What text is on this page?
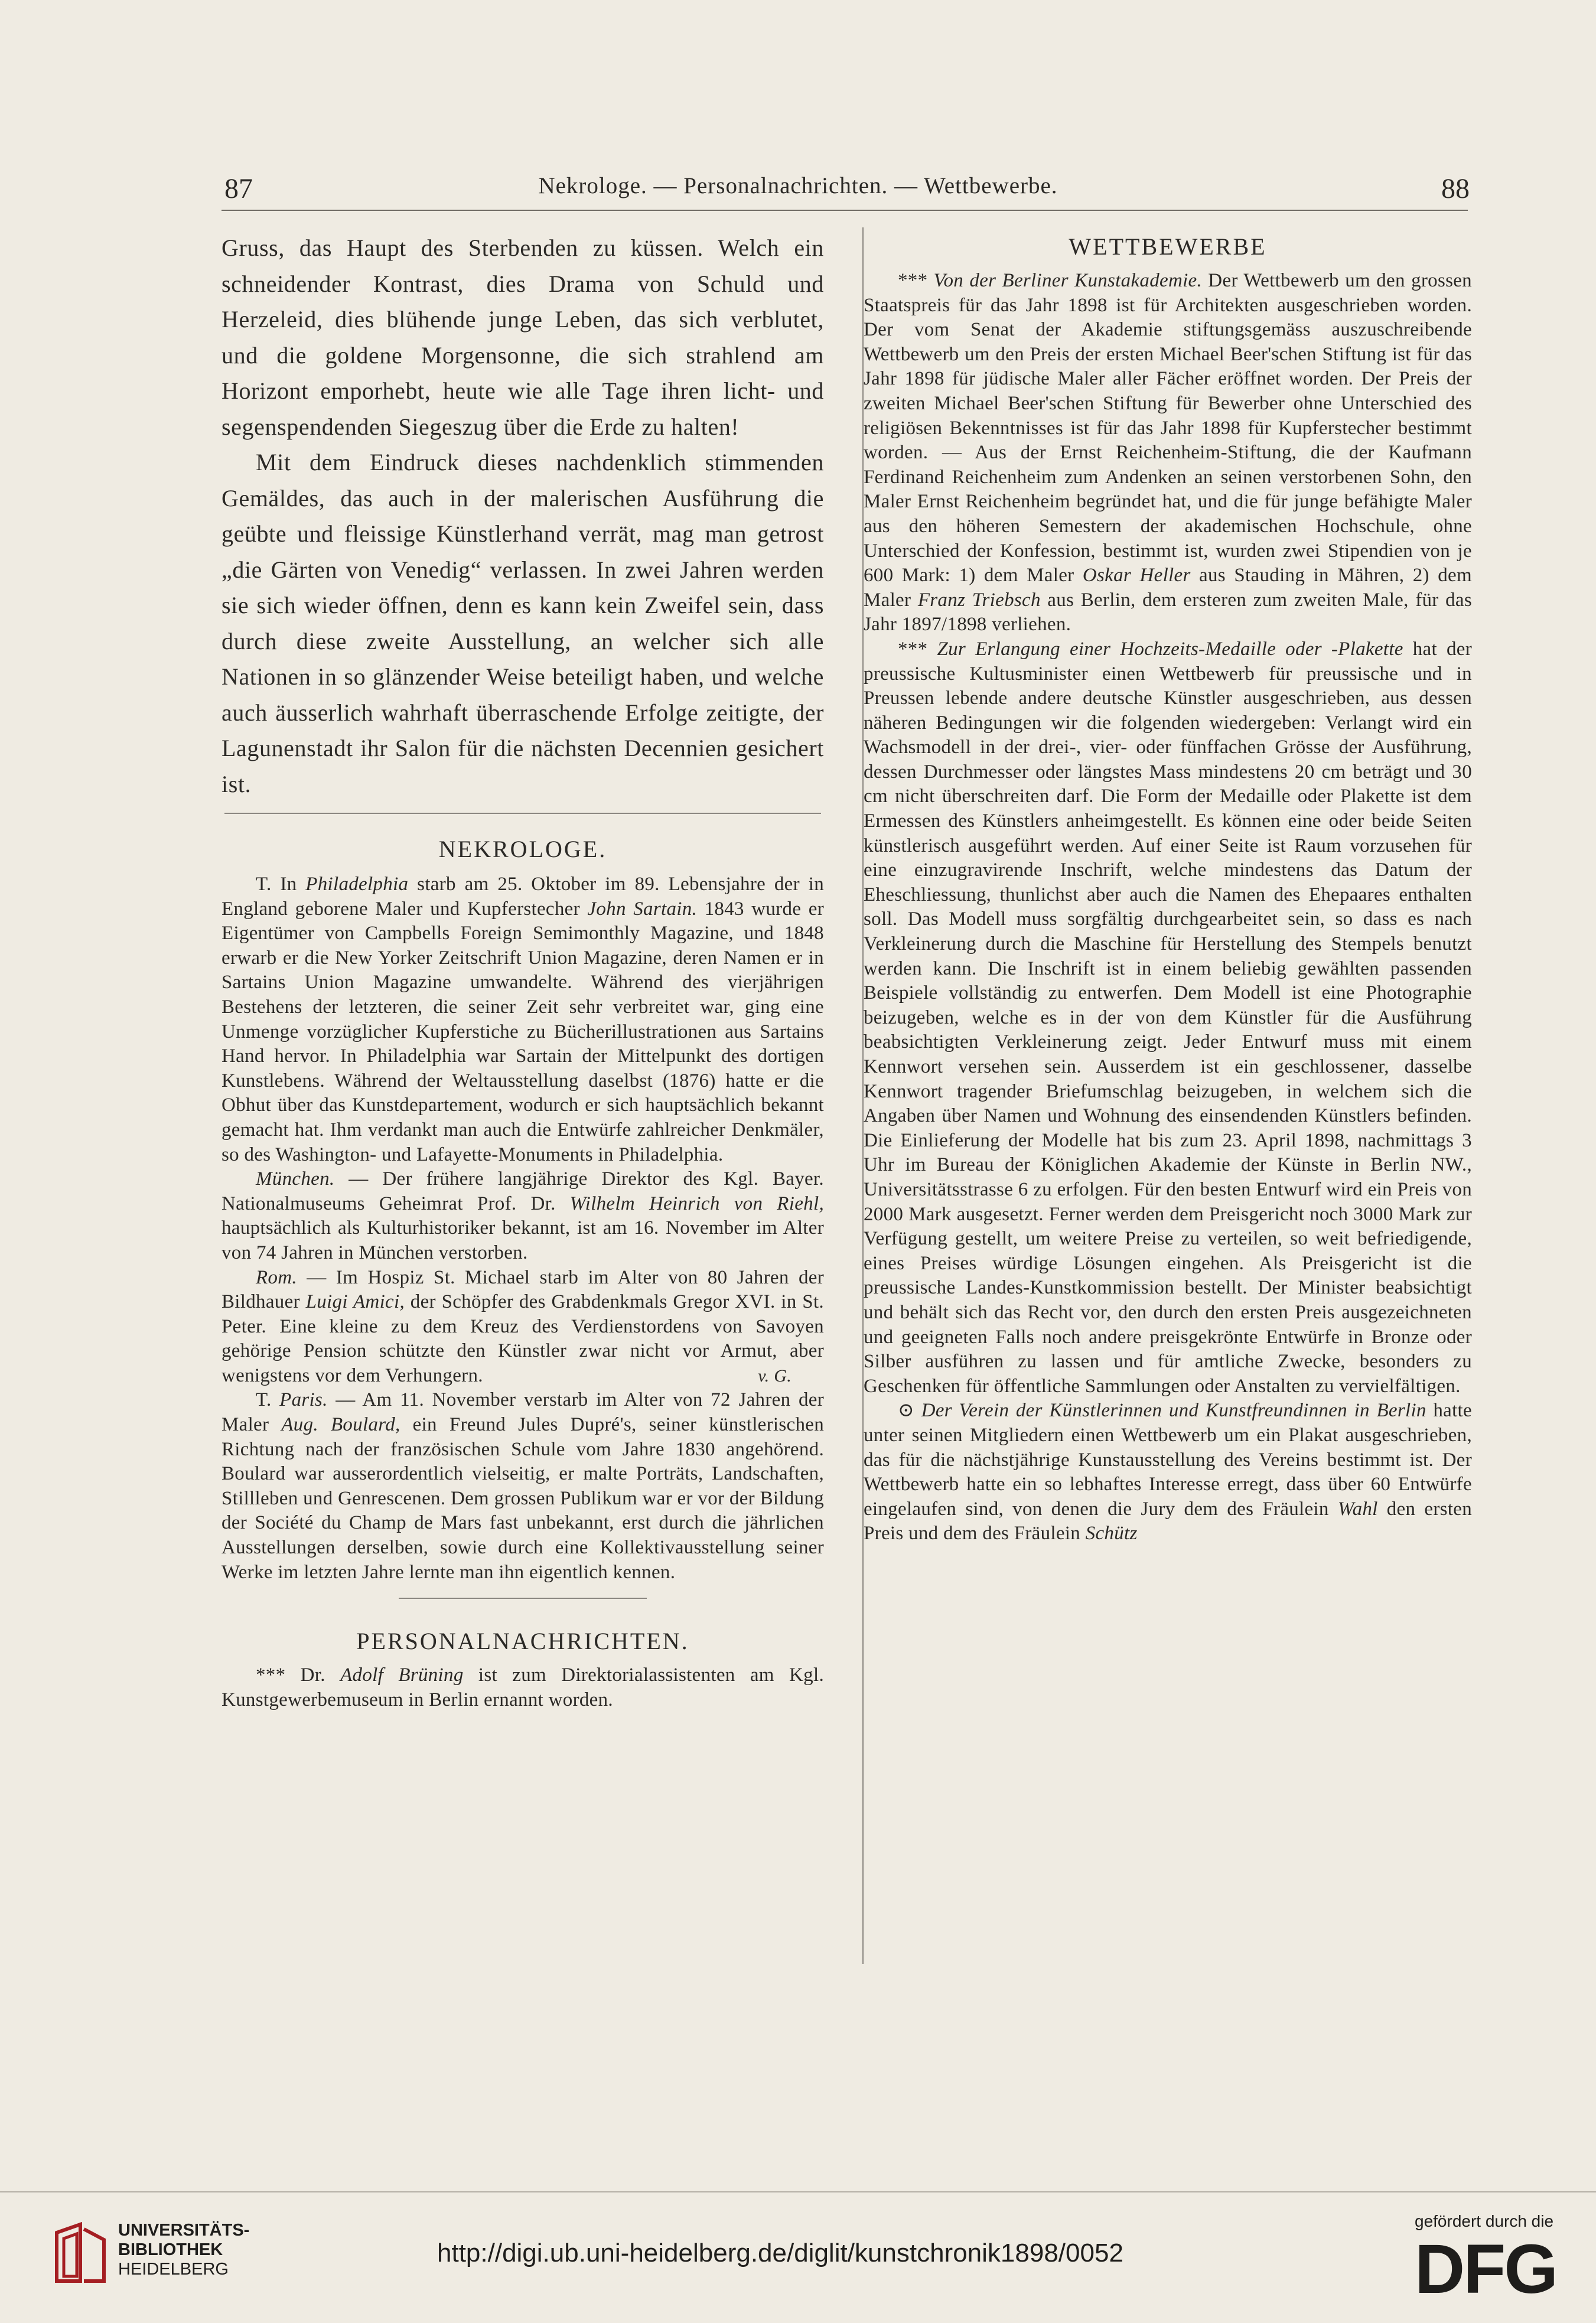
87	Nekrologe. — Personalnachrichten. — Wettbewerbe.	88

Gruss, das Haupt des Sterbenden zu küssen. Welch ein schneidender Kontrast, dies Drama von Schuld und Herzeleid, dies blühende junge Leben, das sich verblutet, und die goldene Morgensonne, die sich strahlend am Horizont emporhebt, heute wie alle Tage ihren licht- und segenspendenden Siegeszug über die Erde zu halten!

Mit dem Eindruck dieses nachdenklich stimmenden Gemäldes, das auch in der malerischen Ausführung die geübte und fleissige Künstlerhand verrät, mag man getrost „die Gärten von Venedig“ verlassen. In zwei Jahren werden sie sich wieder öffnen, denn es kann kein Zweifel sein, dass durch diese zweite Ausstellung, an welcher sich alle Nationen in so glänzender Weise beteiligt haben, und welche auch äusserlich wahrhaft überraschende Erfolge zeitigte, der Lagunenstadt ihr Salon für die nächsten Decennien gesichert ist.

NEKROLOGE.

T. In Philadelphia starb am 25. Oktober im 89. Lebensjahre der in England geborene Maler und Kupferstecher John Sartain. 1843 wurde er Eigentümer von Campbells Foreign Semimonthly Magazine, und 1848 erwarb er die New Yorker Zeitschrift Union Magazine, deren Namen er in Sartains Union Magazine umwandelte. Während des vierjährigen Bestehens der letzteren, die seiner Zeit sehr verbreitet war, ging eine Unmenge vorzüglicher Kupferstiche zu Bücherillustrationen aus Sartains Hand hervor. In Philadelphia war Sartain der Mittelpunkt des dortigen Kunstlebens. Während der Weltausstellung daselbst (1876) hatte er die Obhut über das Kunstdepartement, wodurch er sich hauptsächlich bekannt gemacht hat. Ihm verdankt man auch die Entwürfe zahlreicher Denkmäler, so des Washington- und Lafayette-Monuments in Philadelphia.

München. — Der frühere langjährige Direktor des Kgl. Bayer. Nationalmuseums Geheimrat Prof. Dr. Wilhelm Heinrich von Riehl, hauptsächlich als Kulturhistoriker bekannt, ist am 16. November im Alter von 74 Jahren in München verstorben.

Rom. — Im Hospiz St. Michael starb im Alter von 80 Jahren der Bildhauer Luigi Amici, der Schöpfer des Grabdenkmals Gregor XVI. in St. Peter. Eine kleine zu dem Kreuz des Verdienstordens von Savoyen gehörige Pension schützte den Künstler zwar nicht vor Armut, aber wenigstens vor dem Verhungern.	v. G.

T. Paris. — Am 11. November verstarb im Alter von 72 Jahren der Maler Aug. Boulard, ein Freund Jules Dupré's, seiner künstlerischen Richtung nach der französischen Schule vom Jahre 1830 angehörend. Boulard war ausserordentlich vielseitig, er malte Porträts, Landschaften, Stillleben und Genrescenen. Dem grossen Publikum war er vor der Bildung der Société du Champ de Mars fast unbekannt, erst durch die jährlichen Ausstellungen derselben, sowie durch eine Kollektivausstellung seiner Werke im letzten Jahre lernte man ihn eigentlich kennen.

PERSONALNACHRICHTEN.

*** Dr. Adolf Brüning ist zum Direktorialassistenten am Kgl. Kunstgewerbemuseum in Berlin ernannt worden.

WETTBEWERBE

*** Von der Berliner Kunstakademie. Der Wettbewerb um den grossen Staatspreis für das Jahr 1898 ist für Architekten ausgeschrieben worden. Der vom Senat der Akademie stiftungsgemäss auszuschreibende Wettbewerb um den Preis der ersten Michael Beer'schen Stiftung ist für das Jahr 1898 für jüdische Maler aller Fächer eröffnet worden. Der Preis der zweiten Michael Beer'schen Stiftung für Bewerber ohne Unterschied des religiösen Bekenntnisses ist für das Jahr 1898 für Kupferstecher bestimmt worden. — Aus der Ernst Reichenheim-Stiftung, die der Kaufmann Ferdinand Reichenheim zum Andenken an seinen verstorbenen Sohn, den Maler Ernst Reichenheim begründet hat, und die für junge befähigte Maler aus den höheren Semestern der akademischen Hochschule, ohne Unterschied der Konfession, bestimmt ist, wurden zwei Stipendien von je 600 Mark: 1) dem Maler Oskar Heller aus Stauding in Mähren, 2) dem Maler Franz Triebsch aus Berlin, dem ersteren zum zweiten Male, für das Jahr 1897/1898 verliehen.

*** Zur Erlangung einer Hochzeits-Medaille oder -Plakette hat der preussische Kultusminister einen Wettbewerb für preussische und in Preussen lebende andere deutsche Künstler ausgeschrieben, aus dessen näheren Bedingungen wir die folgenden wiedergeben: Verlangt wird ein Wachsmodell in der drei-, vier- oder fünffachen Grösse der Ausführung, dessen Durchmesser oder längstes Mass mindestens 20 cm beträgt und 30 cm nicht überschreiten darf. Die Form der Medaille oder Plakette ist dem Ermessen des Künstlers anheimgestellt. Es können eine oder beide Seiten künstlerisch ausgeführt werden. Auf einer Seite ist Raum vorzusehen für eine einzugravirende Inschrift, welche mindestens das Datum der Eheschliessung, thunlichst aber auch die Namen des Ehepaares enthalten soll. Das Modell muss sorgfältig durchgearbeitet sein, so dass es nach Verkleinerung durch die Maschine für Herstellung des Stempels benutzt werden kann. Die Inschrift ist in einem beliebig gewählten passenden Beispiele vollständig zu entwerfen. Dem Modell ist eine Photographie beizugeben, welche es in der von dem Künstler für die Ausführung beabsichtigten Verkleinerung zeigt. Jeder Entwurf muss mit einem Kennwort versehen sein. Ausserdem ist ein geschlossener, dasselbe Kennwort tragender Briefumschlag beizugeben, in welchem sich die Angaben über Namen und Wohnung des einsendenden Künstlers befinden. Die Einlieferung der Modelle hat bis zum 23. April 1898, nachmittags 3 Uhr im Bureau der Königlichen Akademie der Künste in Berlin NW., Universitätsstrasse 6 zu erfolgen. Für den besten Entwurf wird ein Preis von 2000 Mark ausgesetzt. Ferner werden dem Preisgericht noch 3000 Mark zur Verfügung gestellt, um weitere Preise zu verteilen, so weit befriedigende, eines Preises würdige Lösungen eingehen. Als Preisgericht ist die preussische Landes-Kunstkommission bestellt. Der Minister beabsichtigt und behält sich das Recht vor, den durch den ersten Preis ausgezeichneten und geeigneten Falls noch andere preisgekrönte Entwürfe in Bronze oder Silber ausführen zu lassen und für amtliche Zwecke, besonders zu Geschenken für öffentliche Sammlungen oder Anstalten zu vervielfältigen.

⊙ Der Verein der Künstlerinnen und Kunstfreundinnen in Berlin hatte unter seinen Mitgliedern einen Wettbewerb um ein Plakat ausgeschrieben, das für die nächstjährige Kunstausstellung des Vereins bestimmt ist. Der Wettbewerb hatte ein so lebhaftes Interesse erregt, dass über 60 Entwürfe eingelaufen sind, von denen die Jury dem des Fräulein Wahl den ersten Preis und dem des Fräulein Schütz

UNIVERSITÄTS-
BIBLIOTHEK
HEIDELBERG
http://digi.ub.uni-heidelberg.de/diglit/kunstchronik1898/0052
gefördert durch die
DFG
